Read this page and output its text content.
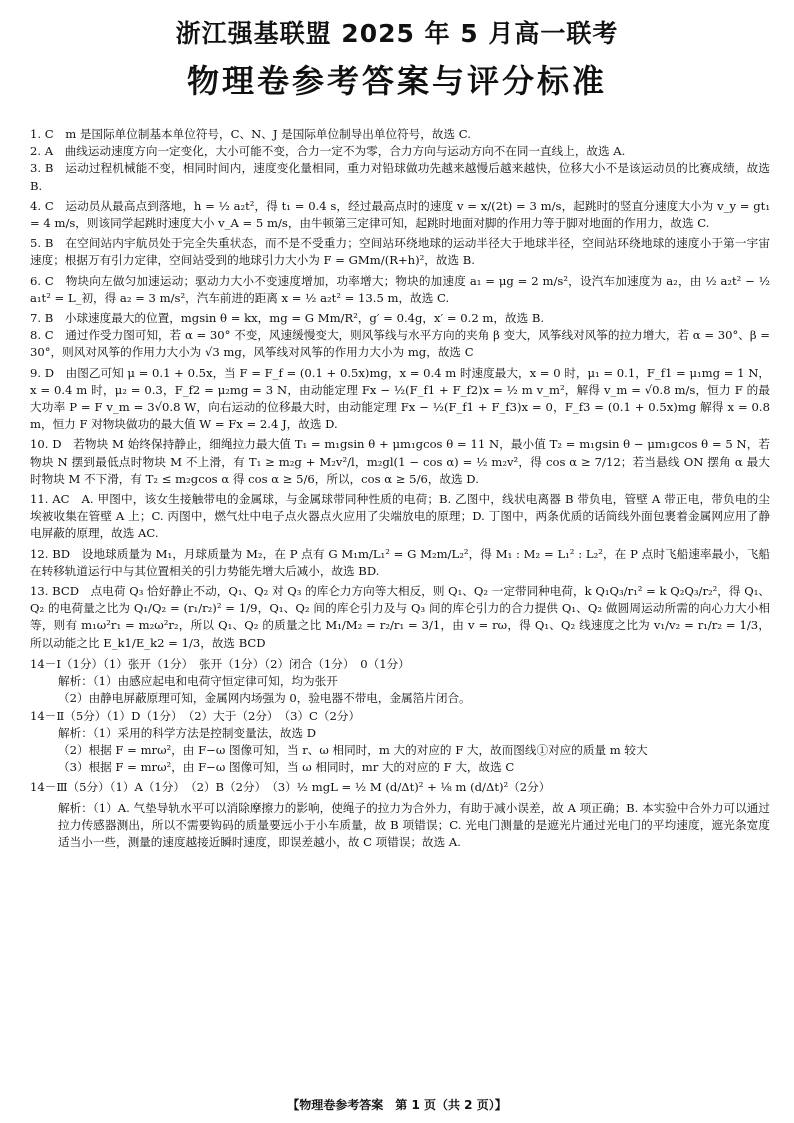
浙江强基联盟 2025 年 5 月高一联考
物理卷参考答案与评分标准

1. C　m 是国际单位制基本单位符号，C、N、J 是国际单位制导出单位符号，故选 C.

2. A　曲线运动速度方向一定变化，大小可能不变，合力一定不为零，合力方向与运动方向不在同一直线上，故选 A.

3. B　运动过程机械能不变，相同时间内，速度变化量相同，重力对铅球做功先越来越慢后越来越快，位移大小不是该运动员的比赛成绩，故选 B.

4. C　运动员从最高点到落地，h = ½ a₂t²，得 t₁ = 0.4 s，经过最高点时的速度 v = x/(2t) = 3 m/s，起跳时的竖直分速度大小为 v_y = gt₁ = 4 m/s，则该同学起跳时速度大小 v_A = 5 m/s，由牛顿第三定律可知，起跳时地面对脚的作用力等于脚对地面的作用力，故选 C.

5. B　在空间站内宇航员处于完全失重状态，而不是不受重力；空间站环绕地球的运动半径大于地球半径，空间站环绕地球的速度小于第一宇宙速度；根据万有引力定律，空间站受到的地球引力大小为 F = GMm/(R+h)²，故选 B.

6. C　物块向左做匀加速运动；驱动力大小不变速度增加，功率增大；物块的加速度 a₁ = μg = 2 m/s²，设汽车加速度为 a₂，由 ½ a₂t² − ½ a₁t² = L_初，得 a₂ = 3 m/s²，汽车前进的距离 x = ½ a₂t² = 13.5 m，故选 C.

7. B　小球速度最大的位置，mgsin θ = kx，mg = G Mm/R²，g′ = 0.4g，x′ = 0.2 m，故选 B.

8. C　通过作受力图可知，若 α = 30° 不变，风速缓慢变大，则风筝线与水平方向的夹角 β 变大，风筝线对风筝的拉力增大，若 α = 30°、β = 30°，则风对风筝的作用力大小为 √3 mg，风筝线对风筝的作用力大小为 mg，故选 C

9. D　由图乙可知 μ = 0.1 + 0.5x，当 F = F_f = (0.1 + 0.5x)mg，x = 0.4 m 时速度最大，x = 0 时，μ₁ = 0.1，F_f1 = μ₁mg = 1 N，x = 0.4 m 时，μ₂ = 0.3，F_f2 = μ₂mg = 3 N，由动能定理 Fx − ½(F_f1 + F_f2)x = ½ m v_m²，解得 v_m = √0.8 m/s，恒力 F 的最大功率 P = F v_m = 3√0.8 W，向右运动的位移最大时，由动能定理 Fx − ½(F_f1 + F_f3)x = 0，F_f3 = (0.1 + 0.5x)mg 解得 x = 0.8 m，恒力 F 对物块做功的最大值 W = Fx = 2.4 J，故选 D.

10. D　若物块 M 始终保持静止，细绳拉力最大值 T₁ = m₁gsin θ + μm₁gcos θ = 11 N，最小值 T₂ = m₁gsin θ − μm₁gcos θ = 5 N，若物块 N 摆到最低点时物块 M 不上滑，有 T₁ ≥ m₂g + M₂v²/l，m₂gl(1 − cos α) = ½ m₂v²，得 cos α ≥ 7/12；若当悬线 ON 摆角 α 最大时物块 M 不下滑，有 T₂ ≤ m₂gcos α 得 cos α ≥ 5/6，所以，cos α ≥ 5/6，故选 D.

11. AC　A. 甲图中，该女生接触带电的金属球，与金属球带同种性质的电荷；B. 乙图中，线状电离器 B 带负电，管壁 A 带正电，带负电的尘埃被收集在管壁 A 上；C. 丙图中，燃气灶中电子点火器点火应用了尖端放电的原理；D. 丁图中，两条优质的话筒线外面包裹着金属网应用了静电屏蔽的原理，故选 AC.

12. BD　设地球质量为 M₁，月球质量为 M₂，在 P 点有 G M₁m/L₁² = G M₂m/L₂²，得 M₁ : M₂ = L₁² : L₂²，在 P 点时飞船速率最小，飞船在转移轨道运行中与其位置相关的引力势能先增大后减小，故选 BD.

13. BCD　点电荷 Q₃ 恰好静止不动，Q₁、Q₂ 对 Q₃ 的库仑力方向等大相反，则 Q₁、Q₂ 一定带同种电荷，k Q₁Q₃/r₁² = k Q₂Q₃/r₂²，得 Q₁、Q₂ 的电荷量之比为 Q₁/Q₂ = (r₁/r₂)² = 1/9，Q₁、Q₂ 间的库仑引力及与 Q₃ 间的库仑引力的合力提供 Q₁、Q₂ 做圆周运动所需的向心力大小相等，则有 m₁ω²r₁ = m₂ω²r₂，所以 Q₁、Q₂ 的质量之比 M₁/M₂ = r₂/r₁ = 3/1，由 v = rω，得 Q₁、Q₂ 线速度之比为 v₁/v₂ = r₁/r₂ = 1/3，所以动能之比 E_k1/E_k2 = 1/3，故选 BCD

14－Ⅰ（1分）（1）张开（1分）　张开（1分）（2）闭合（1分）　0（1分）

解析：（1）由感应起电和电荷守恒定律可知，均为张开

（2）由静电屏蔽原理可知，金属网内场强为 0，验电器不带电，金属箔片闭合。

14－Ⅱ（5分）（1）D（1分）　（2）大于（2分）　（3）C（2分）

解析：（1）采用的科学方法是控制变量法，故选 D

（2）根据 F = mrω²，由 F−ω 图像可知，当 r、ω 相同时，m 大的对应的 F 大，故而图线①对应的质量 m 较大

（3）根据 F = mrω²，由 F−ω 图像可知，当 ω 相同时，mr 大的对应的 F 大，故选 C

14－Ⅲ（5分）（1）A（1分）　（2）B（2分）　（3）½ mgL = ½ M (d/Δt)² + ⅛ m (d/Δt)²（2分）

解析：（1）A. 气垫导轨水平可以消除摩擦力的影响，使绳子的拉力为合外力，有助于减小误差，故 A 项正确；B. 本实验中合外力可以通过拉力传感器测出，所以不需要钩码的质量要远小于小车质量，故 B 项错误；C. 光电门测量的是遮光片通过光电门的平均速度，遮光条宽度适当小一些，测量的速度越接近瞬时速度，即误差越小，故 C 项错误；故选 A.

【物理卷参考答案　第 1 页（共 2 页）】
